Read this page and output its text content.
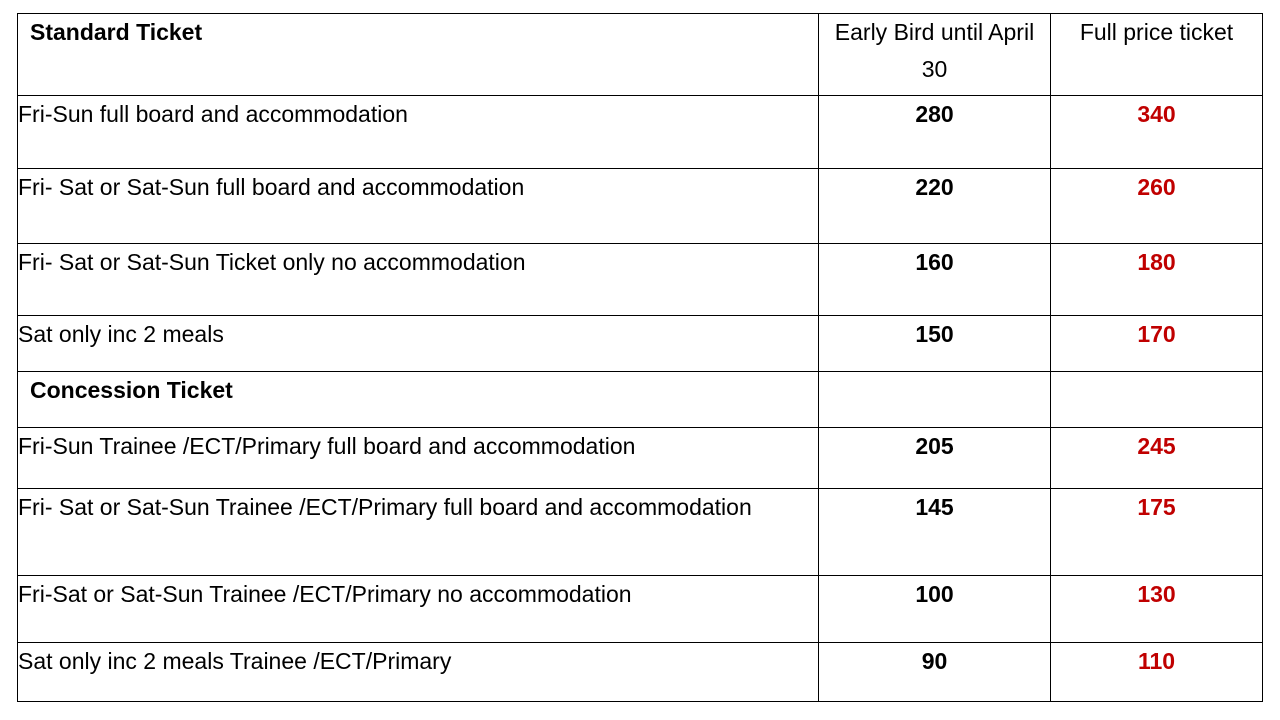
Standard Ticket	Early Bird until April 30	Full price ticket
Fri-Sun full board and accommodation	280	340
Fri- Sat or Sat-Sun full board and accommodation	220	260
Fri- Sat or Sat-Sun Ticket only no accommodation	160	180
Sat only inc 2 meals	150	170
Concession Ticket		
Fri-Sun Trainee /ECT/Primary full board and accommodation	205	245
Fri- Sat or Sat-Sun Trainee /ECT/Primary full board and accommodation	145	175
Fri-Sat or Sat-Sun Trainee /ECT/Primary no accommodation	100	130
Sat only inc 2 meals Trainee /ECT/Primary	90	110
